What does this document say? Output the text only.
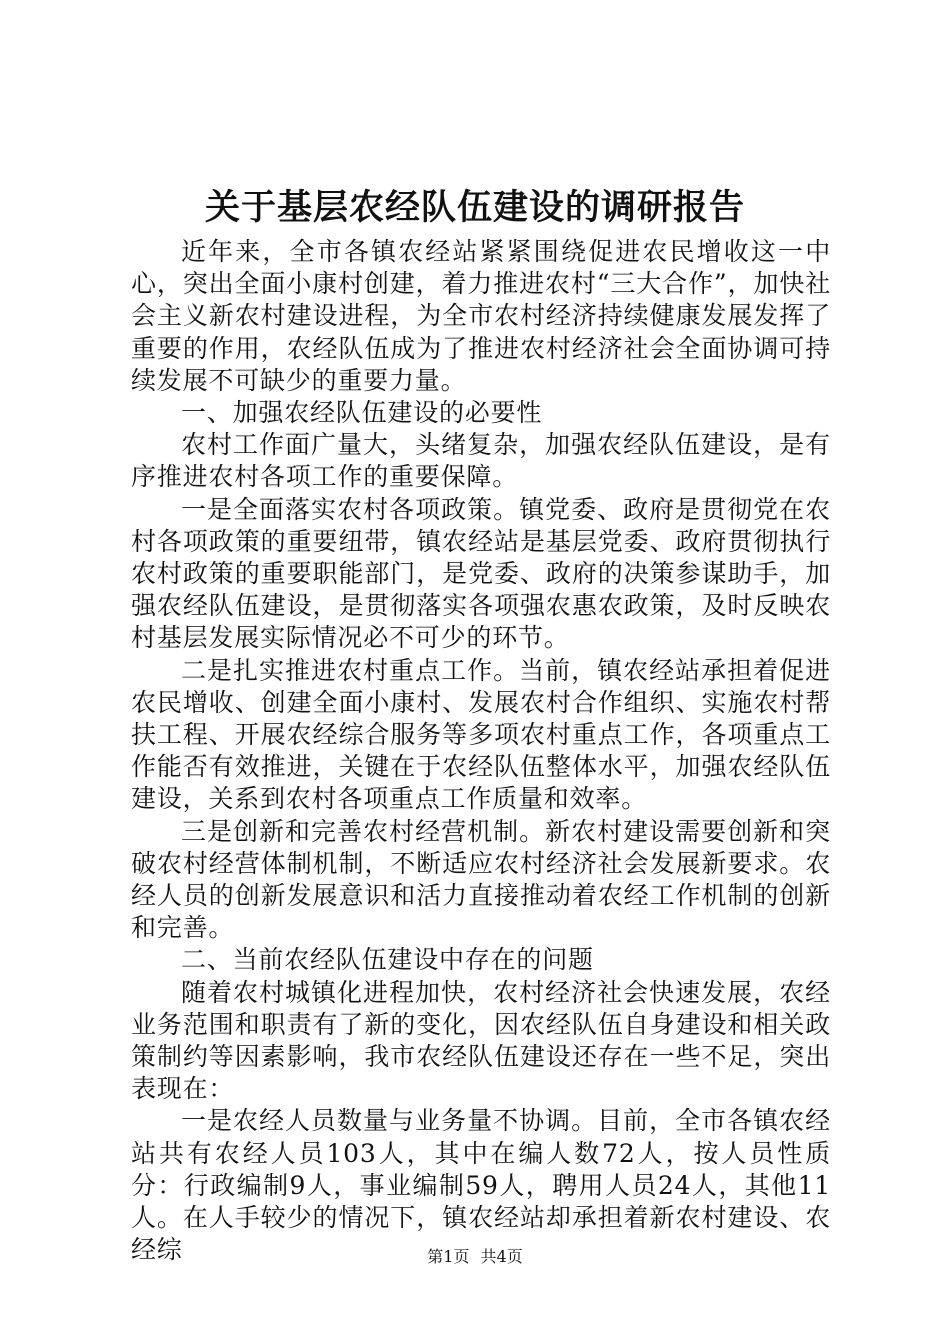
关于基层农经队伍建设的调研报告

近年来，全市各镇农经站紧紧围绕促进农民增收这一中心，突出全面小康村创建，着力推进农村“三大合作”，加快社会主义新农村建设进程，为全市农村经济持续健康发展发挥了重要的作用，农经队伍成为了推进农村经济社会全面协调可持续发展不可缺少的重要力量。

一、加强农经队伍建设的必要性

农村工作面广量大，头绪复杂，加强农经队伍建设，是有序推进农村各项工作的重要保障。

一是全面落实农村各项政策。镇党委、政府是贯彻党在农村各项政策的重要纽带，镇农经站是基层党委、政府贯彻执行农村政策的重要职能部门，是党委、政府的决策参谋助手，加强农经队伍建设，是贯彻落实各项强农惠农政策，及时反映农村基层发展实际情况必不可少的环节。

二是扎实推进农村重点工作。当前，镇农经站承担着促进农民增收、创建全面小康村、发展农村合作组织、实施农村帮扶工程、开展农经综合服务等多项农村重点工作，各项重点工作能否有效推进，关键在于农经队伍整体水平，加强农经队伍建设，关系到农村各项重点工作质量和效率。

三是创新和完善农村经营机制。新农村建设需要创新和突破农村经营体制机制，不断适应农村经济社会发展新要求。农经人员的创新发展意识和活力直接推动着农经工作机制的创新和完善。

二、当前农经队伍建设中存在的问题

随着农村城镇化进程加快，农村经济社会快速发展，农经业务范围和职责有了新的变化，因农经队伍自身建设和相关政策制约等因素影响，我市农经队伍建设还存在一些不足，突出表现在：

一是农经人员数量与业务量不协调。目前，全市各镇农经站共有农经人员103人，其中在编人数72人，按人员性质分：行政编制9人，事业编制59人，聘用人员24人，其他11人。在人手较少的情况下，镇农经站却承担着新农村建设、农经综	第1页 共4页
